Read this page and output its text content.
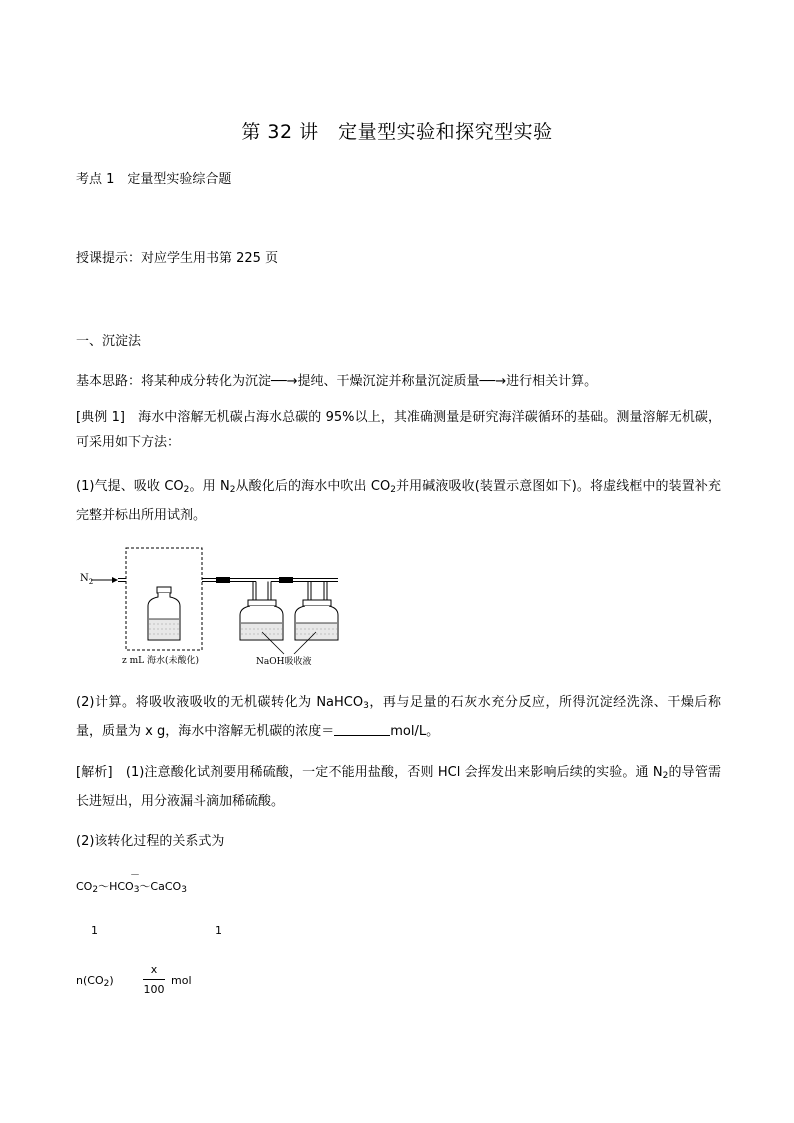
第 32 讲　定量型实验和探究型实验
考点 1　定量型实验综合题
授课提示：对应学生用书第 225 页
一、沉淀法
基本思路：将某种成分转化为沉淀──→提纯、干燥沉淀并称量沉淀质量──→进行相关计算。
[典例 1]　海水中溶解无机碳占海水总碳的 95%以上，其准确测量是研究海洋碳循环的基础。测量溶解无机碳，可采用如下方法：
(1)气提、吸收 $CO_2$。用 $N_2$从酸化后的海水中吹出 $CO_2$并用碱液吸收(装置示意图如下)。将虚线框中的装置补充完整并标出所用试剂。
$N_2$
z mL 海水(未酸化)	NaOH吸收液
(2)计算。将吸收液吸收的无机碳转化为 NaHCO$_3$，再与足量的石灰水充分反应，所得沉淀经洗涤、干燥后称量，质量为 x g，海水中溶解无机碳的浓度＝	mol/L。
[解析]　(1)注意酸化试剂要用稀硫酸，一定不能用盐酸，否则 HCl 会挥发出来影响后续的实验。通 $N_2$的导管需长进短出，用分液漏斗滴加稀硫酸。
(2)该转化过程的关系式为
$CO_2\sim HCO_3\sim CaCO_3$
－
1	1
$n(CO_2)$
x
100
mol
